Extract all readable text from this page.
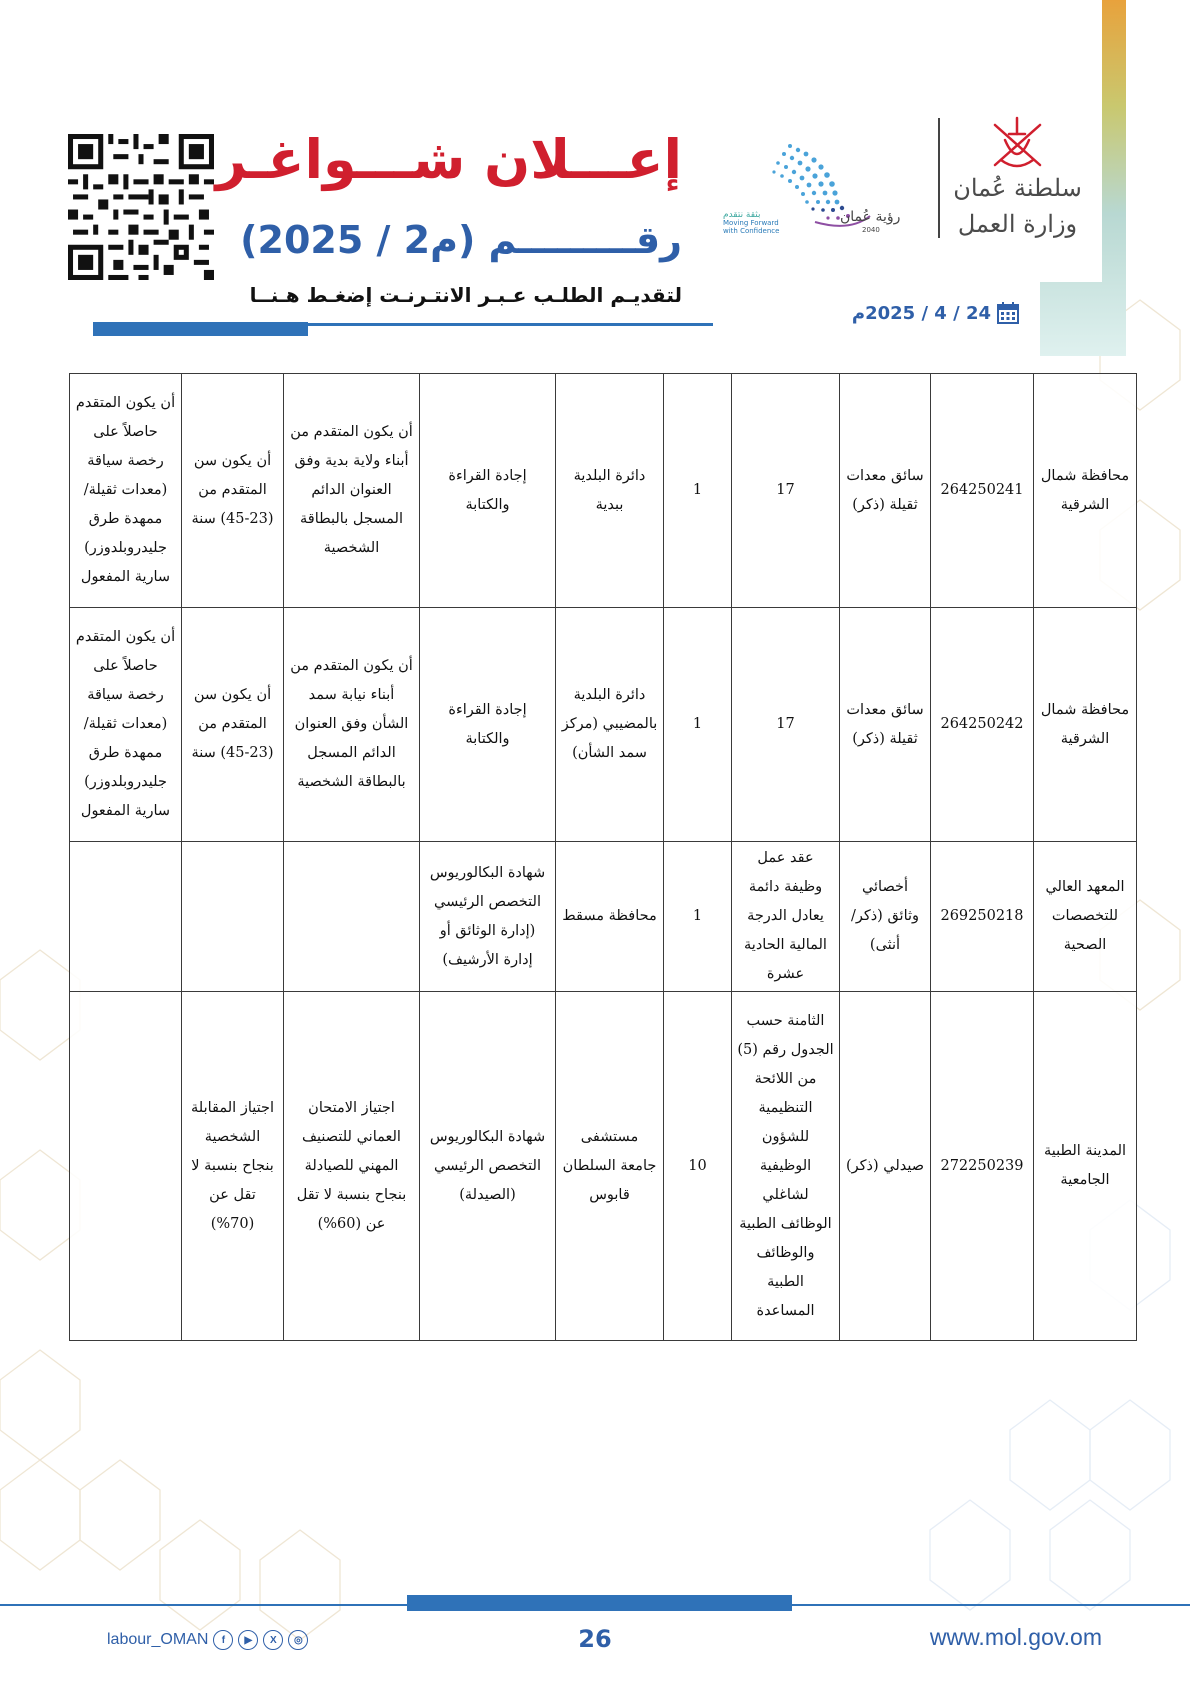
سلطنة عُمان
وزارة العمل
رؤية عُمان
2040
بثقة نتقدم
Moving Forward
with Confidence
إعـــلان شـــواغـر
رقـــــــــم (م2 / 2025)
لتقديـم الطلـب عـبـر الانتـرنـت إضغـط هـنــا
24 / 4 / 2025م
محافظة شمال الشرقية	264250241	سائق معدات ثقيلة (ذكر)	17	1	دائرة البلدية ببدية	إجادة القراءة والكتابة	أن يكون المتقدم من أبناء ولاية بدية وفق العنوان الدائم المسجل بالبطاقة الشخصية	أن يكون سن المتقدم من (23-45) سنة	أن يكون المتقدم حاصلاً على رخصة سياقة (معدات ثقيلة/ ممهدة طرق جليدروبلدوزر) سارية المفعول
محافظة شمال الشرقية	264250242	سائق معدات ثقيلة (ذكر)	17	1	دائرة البلدية بالمضيبي (مركز سمد الشأن)	إجادة القراءة والكتابة	أن يكون المتقدم من أبناء نيابة سمد الشأن وفق العنوان الدائم المسجل بالبطاقة الشخصية	أن يكون سن المتقدم من (23-45) سنة	أن يكون المتقدم حاصلاً على رخصة سياقة (معدات ثقيلة/ ممهدة طرق جليدروبلدوزر) سارية المفعول
المعهد العالي للتخصصات الصحية	269250218	أخصائي وثائق (ذكر/ أنثى)	عقد عمل وظيفة دائمة يعادل الدرجة المالية الحادية عشرة	1	محافظة مسقط	شهادة البكالوريوس التخصص الرئيسي (إدارة الوثائق أو إدارة الأرشيف)			
المدينة الطبية الجامعية	272250239	صيدلي (ذكر)	الثامنة حسب الجدول رقم (5) من اللائحة التنظيمية للشؤون الوظيفية لشاغلي الوظائف الطبية والوظائف الطبية المساعدة	10	مستشفى جامعة السلطان قابوس	شهادة البكالوريوس التخصص الرئيسي (الصيدلة)	اجتياز الامتحان العماني للتصنيف المهني للصيادلة بنجاح بنسبة لا تقل عن (60%)	اجتياز المقابلة الشخصية بنجاح بنسبة لا تقل عن (70%)	
26	www.mol.gov.om
labour_OMAN	f	▶	X	◎
